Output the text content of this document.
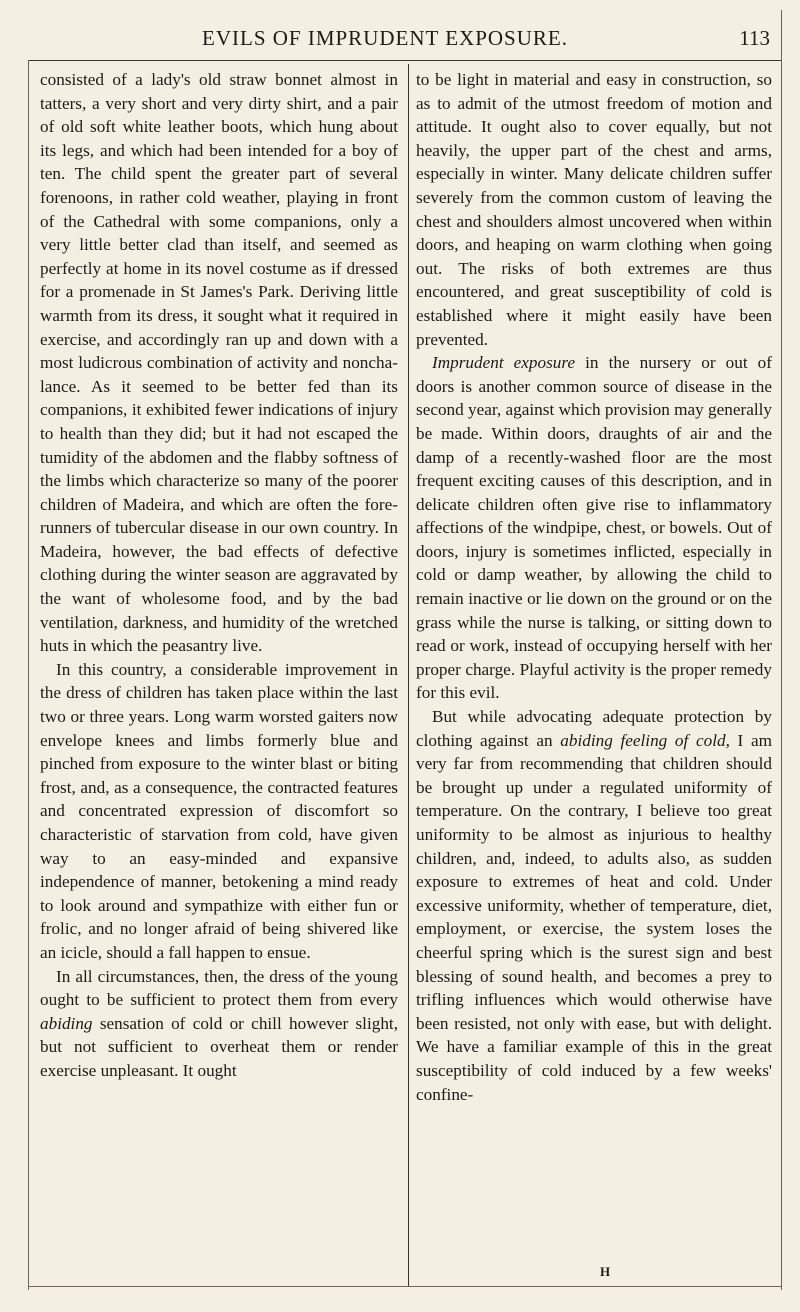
EVILS OF IMPRUDENT EXPOSURE.	113

consisted of a lady's old straw bonnet almost in tatters, a very short and very dirty shirt, and a pair of old soft white leather boots, which hung about its legs, and which had been intended for a boy of ten. The child spent the greater part of several forenoons, in rather cold weather, playing in front of the Cathedral with some companions, only a very little better clad than itself, and seemed as perfectly at home in its novel costume as if dressed for a promenade in St James's Park. Deriving little warmth from its dress, it sought what it required in exercise, and accordingly ran up and down with a most ludicrous combination of activity and nonchalance. As it seemed to be better fed than its companions, it exhibited fewer indications of injury to health than they did; but it had not escaped the tumidity of the abdomen and the flabby softness of the limbs which characterize so many of the poorer children of Madeira, and which are often the forerunners of tubercular disease in our own country. In Madeira, however, the bad effects of defective clothing during the winter season are aggravated by the want of wholesome food, and by the bad ventilation, darkness, and humidity of the wretched huts in which the peasantry live.

In this country, a considerable improvement in the dress of children has taken place within the last two or three years. Long warm worsted gaiters now envelope knees and limbs formerly blue and pinched from exposure to the winter blast or biting frost, and, as a consequence, the contracted features and concentrated expression of discomfort so characteristic of starvation from cold, have given way to an easy-minded and expansive independence of manner, betokening a mind ready to look around and sympathize with either fun or frolic, and no longer afraid of being shivered like an icicle, should a fall happen to ensue.

In all circumstances, then, the dress of the young ought to be sufficient to protect them from every abiding sensation of cold or chill however slight, but not sufficient to overheat them or render exercise unpleasant. It ought

to be light in material and easy in construction, so as to admit of the utmost freedom of motion and attitude. It ought also to cover equally, but not heavily, the upper part of the chest and arms, especially in winter. Many delicate children suffer severely from the common custom of leaving the chest and shoulders almost uncovered when within doors, and heaping on warm clothing when going out. The risks of both extremes are thus encountered, and great susceptibility of cold is established where it might easily have been prevented.

Imprudent exposure in the nursery or out of doors is another common source of disease in the second year, against which provision may generally be made. Within doors, draughts of air and the damp of a recently-washed floor are the most frequent exciting causes of this description, and in delicate children often give rise to inflammatory affections of the windpipe, chest, or bowels. Out of doors, injury is sometimes inflicted, especially in cold or damp weather, by allowing the child to remain inactive or lie down on the ground or on the grass while the nurse is talking, or sitting down to read or work, instead of occupying herself with her proper charge. Playful activity is the proper remedy for this evil.

But while advocating adequate protection by clothing against an abiding feeling of cold, I am very far from recommending that children should be brought up under a regulated uniformity of temperature. On the contrary, I believe too great uniformity to be almost as injurious to healthy children, and, indeed, to adults also, as sudden exposure to extremes of heat and cold. Under excessive uniformity, whether of temperature, diet, employment, or exercise, the system loses the cheerful spring which is the surest sign and best blessing of sound health, and becomes a prey to trifling influences which would otherwise have been resisted, not only with ease, but with delight. We have a familiar example of this in the great susceptibility of cold induced by a few weeks' confine-

H
